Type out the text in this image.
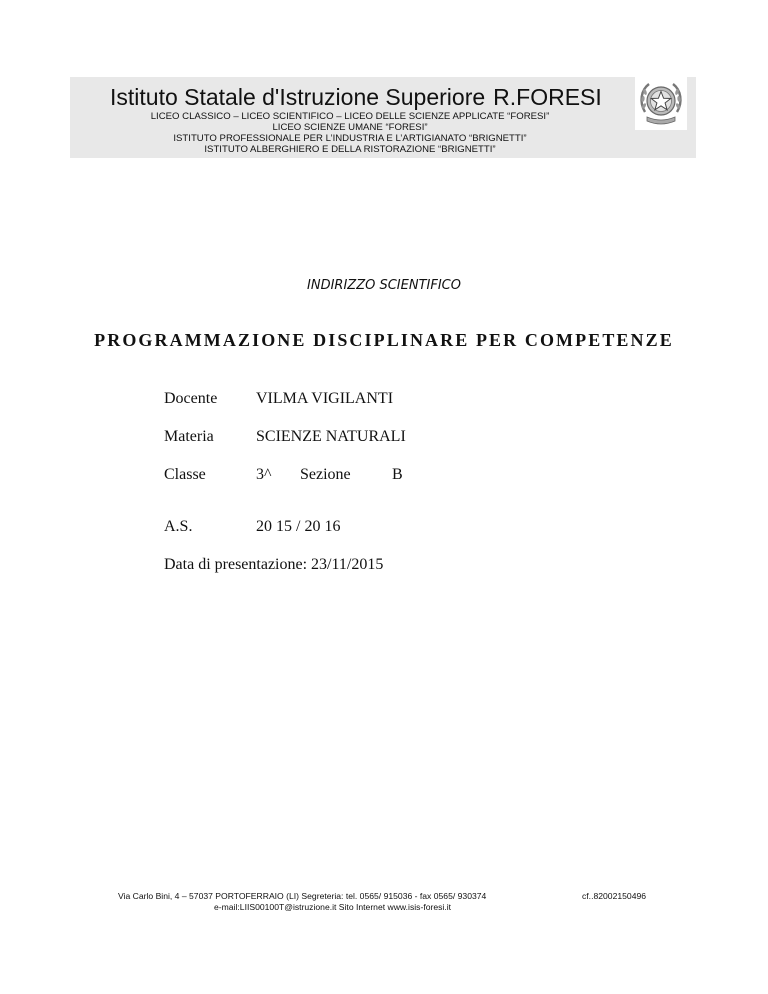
Istituto Statale d'Istruzione Superiore R.FORESI
LICEO CLASSICO – LICEO SCIENTIFICO – LICEO DELLE SCIENZE APPLICATE “FORESI”
LICEO SCIENZE UMANE “FORESI”
ISTITUTO PROFESSIONALE PER L’INDUSTRIA E L’ARTIGIANATO “BRIGNETTI”
ISTITUTO ALBERGHIERO E DELLA RISTORAZIONE “BRIGNETTI”
INDIRIZZO SCIENTIFICO
PROGRAMMAZIONE DISCIPLINARE PER COMPETENZE
Docente VILMA VIGILANTI
Materia	SCIENZE NATURALI
Classe	3^ Sezione	B
A.S.	20 15 / 20 16
Data di presentazione: 23/11/2015
Via Carlo Bini, 4 – 57037 PORTOFERRAIO (LI) Segreteria: tel. 0565/ 915036 - fax 0565/ 930374	cf..82002150496
e-mail:LIIS00100T@istruzione.it Sito Internet www.isis-foresi.it
